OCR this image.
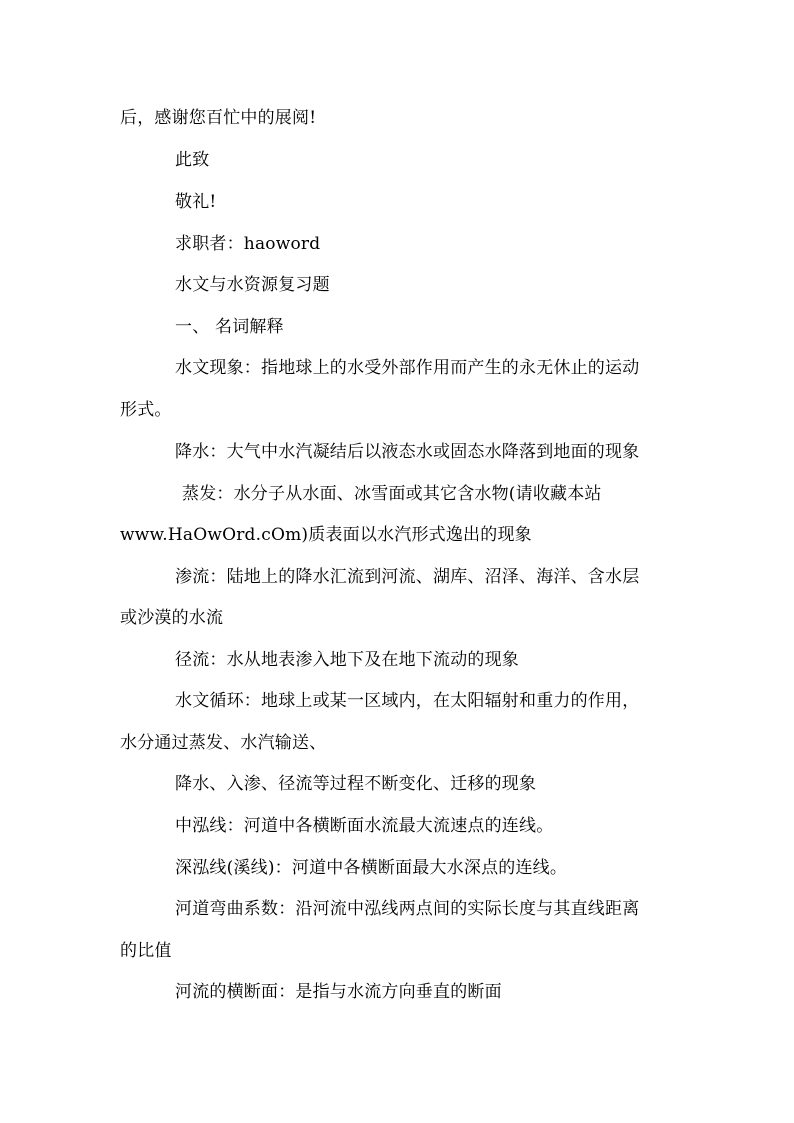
后，感谢您百忙中的展阅!
此致
敬礼!
求职者：haoword
水文与水资源复习题
一、 名词解释
水文现象：指地球上的水受外部作用而产生的永无休止的运动
形式。
降水：大气中水汽凝结后以液态水或固态水降落到地面的现象
蒸发：水分子从水面、冰雪面或其它含水物(请收藏本站
www.HaOwOrd.cOm)质表面以水汽形式逸出的现象
渗流：陆地上的降水汇流到河流、湖库、沼泽、海洋、含水层
或沙漠的水流
径流：水从地表渗入地下及在地下流动的现象
水文循环：地球上或某一区域内，在太阳辐射和重力的作用，
水分通过蒸发、水汽输送、
降水、入渗、径流等过程不断变化、迁移的现象
中泓线：河道中各横断面水流最大流速点的连线。
深泓线(溪线)：河道中各横断面最大水深点的连线。
河道弯曲系数：沿河流中泓线两点间的实际长度与其直线距离
的比值
河流的横断面：是指与水流方向垂直的断面
